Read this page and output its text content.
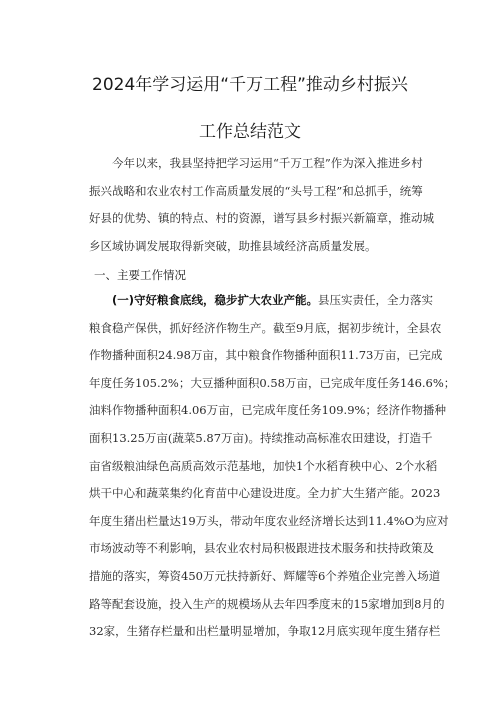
2024年学习运用“千万工程”推动乡村振兴
工作总结范文
今年以来，我县坚持把学习运用“千万工程”作为深入推进乡村
振兴战略和农业农村工作高质量发展的“头号工程”和总抓手，统筹
好县的优势、镇的特点、村的资源，谱写县乡村振兴新篇章，推动城
乡区域协调发展取得新突破，助推县域经济高质量发展。
一、主要工作情况
(一)守好粮食底线，稳步扩大农业产能。县压实责任，全力落实
粮食稳产保供，抓好经济作物生产。截至9月底，据初步统计，全县农
作物播种面积24.98万亩，其中粮食作物播种面积11.73万亩，已完成
年度任务105.2%；大豆播种面积0.58万亩，已完成年度任务146.6%；
油料作物播种面积4.06万亩，已完成年度任务109.9%；经济作物播种
面积13.25万亩(蔬菜5.87万亩)。持续推动高标准农田建设，打造千
亩省级粮油绿色高质高效示范基地，加快1个水稻育秧中心、2个水稻
烘干中心和蔬菜集约化育苗中心建设进度。全力扩大生猪产能。2023
年度生猪出栏量达19万头，带动年度农业经济增长达到11.4%O为应对
市场波动等不利影响，县农业农村局积极跟进技术服务和扶持政策及
措施的落实，筹资450万元扶持新好、辉耀等6个养殖企业完善入场道
路等配套设施，投入生产的规模场从去年四季度末的15家增加到8月的
32家，生猪存栏量和出栏量明显增加，争取12月底实现年度生猪存栏
